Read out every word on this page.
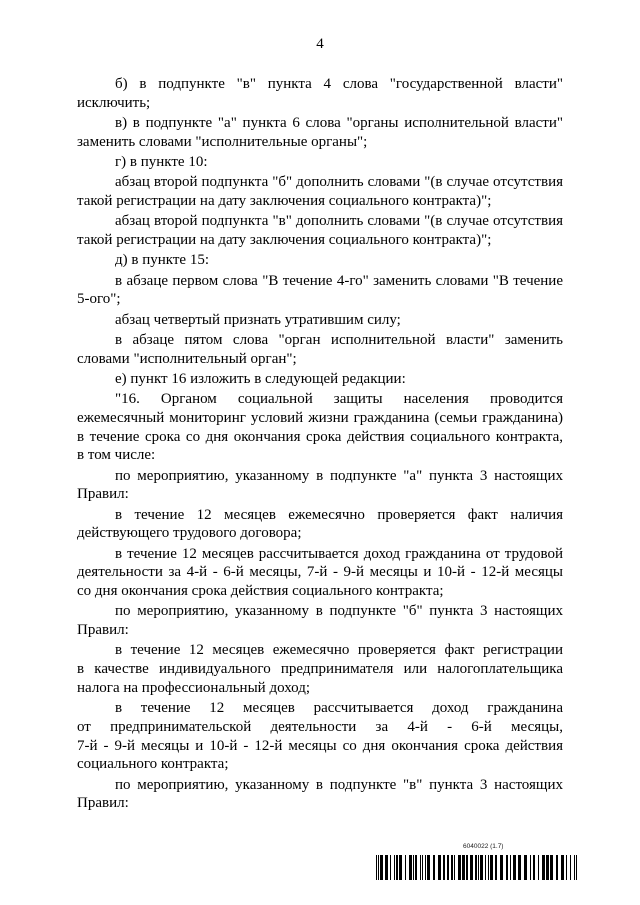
4
б) в подпункте "в" пункта 4 слова "государственной власти"
исключить;
в) в подпункте "а" пункта 6 слова "органы исполнительной власти"
заменить словами "исполнительные органы";
г) в пункте 10:
абзац второй подпункта "б" дополнить словами "(в случае отсутствия
такой регистрации на дату заключения социального контракта)";
абзац второй подпункта "в" дополнить словами "(в случае отсутствия
такой регистрации на дату заключения социального контракта)";
д) в пункте 15:
в абзаце первом слова "В течение 4-го" заменить словами "В течение
5-ого";
абзац четвертый признать утратившим силу;
в абзаце пятом слова "орган исполнительной власти" заменить
словами "исполнительный орган";
е) пункт 16 изложить в следующей редакции:
"16. Органом социальной защиты населения проводится
ежемесячный мониторинг условий жизни гражданина (семьи гражданина)
в течение срока со дня окончания срока действия социального контракта,
в том числе:
по мероприятию, указанному в подпункте "а" пункта 3 настоящих
Правил:
в течение 12 месяцев ежемесячно проверяется факт наличия
действующего трудового договора;
в течение 12 месяцев рассчитывается доход гражданина от трудовой
деятельности за 4-й - 6-й месяцы, 7-й - 9-й месяцы и 10-й - 12-й месяцы
со дня окончания срока действия социального контракта;
по мероприятию, указанному в подпункте "б" пункта 3 настоящих
Правил:
в течение 12 месяцев ежемесячно проверяется факт регистрации
в качестве индивидуального предпринимателя или налогоплательщика
налога на профессиональный доход;
в течение 12 месяцев рассчитывается доход гражданина
от предпринимательской деятельности за 4-й - 6-й месяцы,
7-й - 9-й месяцы и 10-й - 12-й месяцы со дня окончания срока действия
социального контракта;
по мероприятию, указанному в подпункте "в" пункта 3 настоящих
Правил:
6040022 (1.7)
